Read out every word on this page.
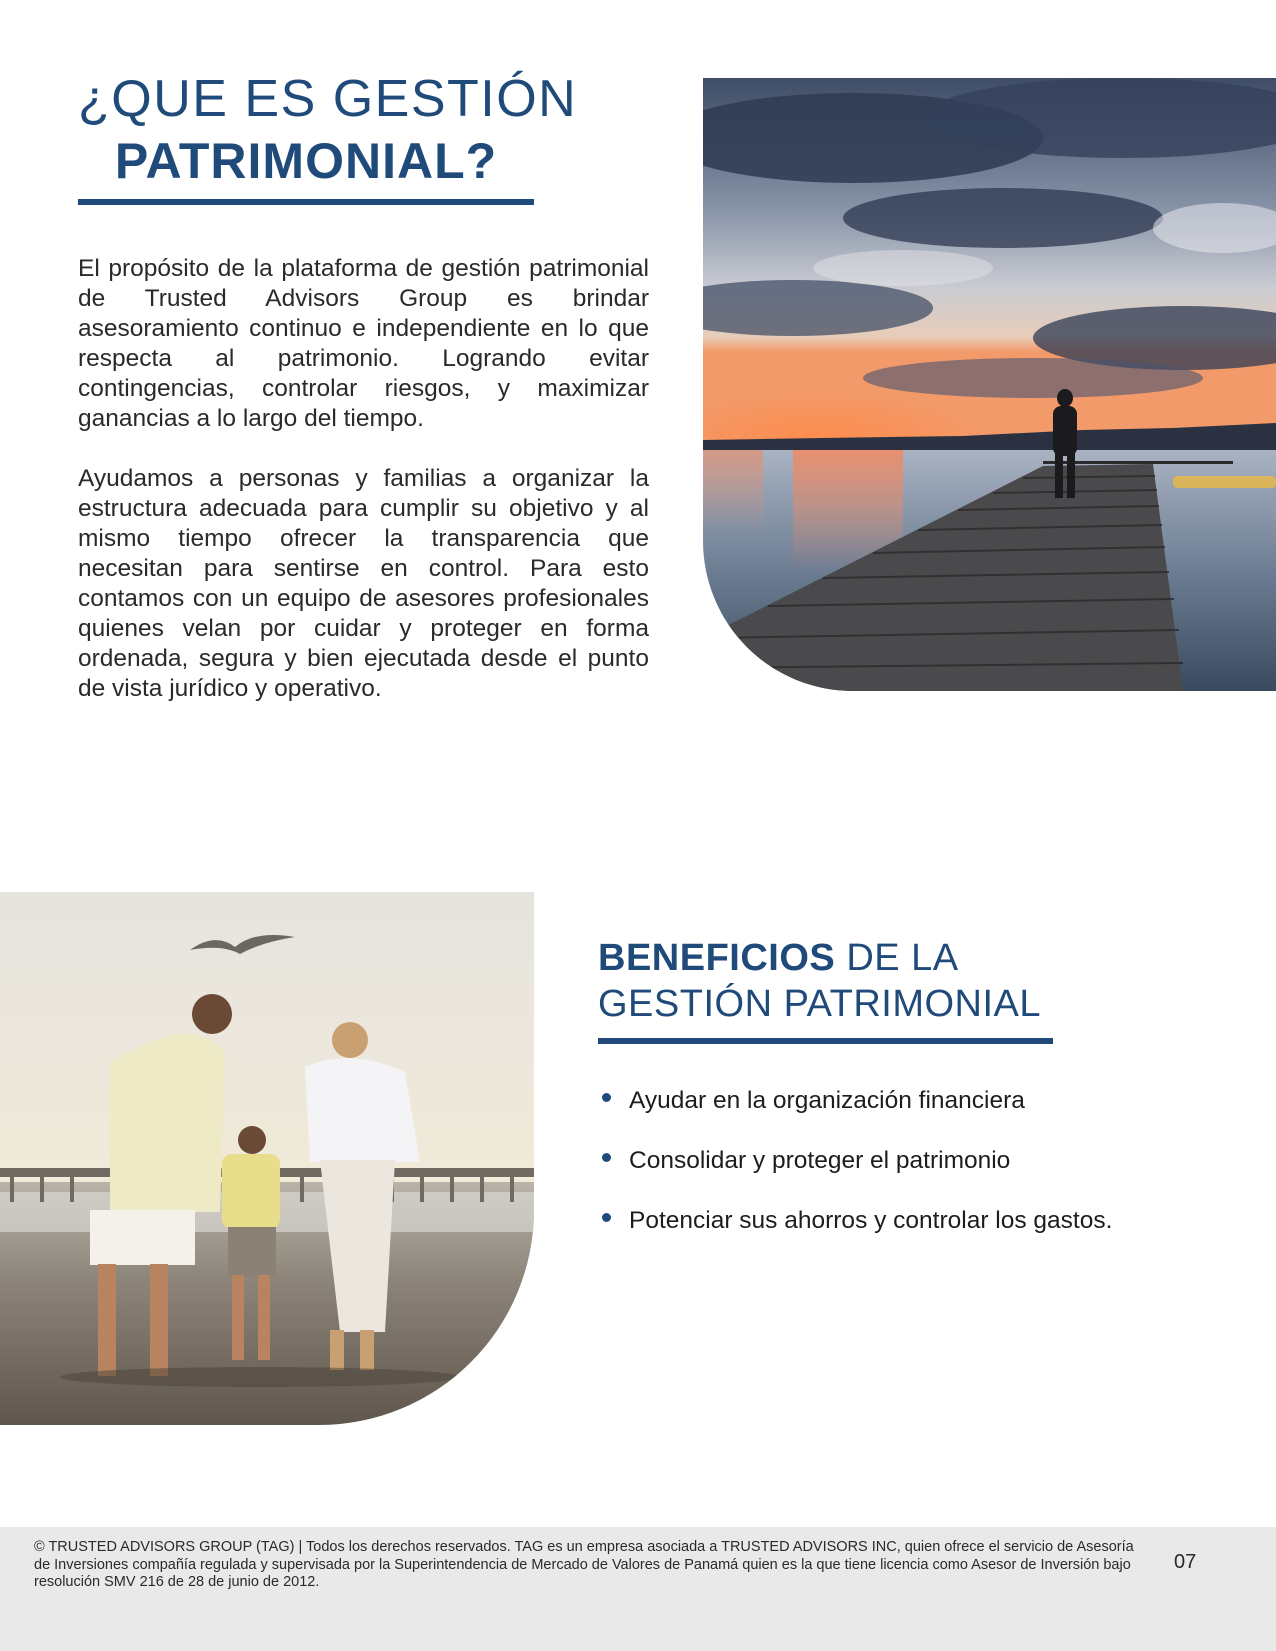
¿QUE ES GESTIÓN
PATRIMONIAL?

El propósito de la plataforma de gestión patrimonial de Trusted Advisors Group es brindar asesoramiento continuo e independiente en lo que respecta al patrimonio. Logrando evitar contingencias, controlar riesgos, y maximizar ganancias a lo largo del tiempo.

Ayudamos a personas y familias a organizar la estructura adecuada para cumplir su objetivo y al mismo tiempo ofrecer la transparencia que necesitan para sentirse en control. Para esto contamos con un equipo de asesores profesionales quienes velan por cuidar y proteger en forma ordenada, segura y bien ejecutada desde el punto de vista jurídico y operativo.

BENEFICIOS DE LA
GESTIÓN PATRIMONIAL
Ayudar en la organización financiera
Consolidar y proteger el patrimonio
Potenciar sus ahorros y controlar los gastos.
© TRUSTED ADVISORS GROUP (TAG) | Todos los derechos reservados. TAG es un empresa asociada a TRUSTED ADVISORS INC, quien ofrece el servicio de Asesoría de Inversiones compañía regulada y supervisada por la Superintendencia de Mercado de Valores de Panamá quien es la que tiene licencia como Asesor de Inversión bajo resolución SMV 216 de 28 de junio de 2012.
07
